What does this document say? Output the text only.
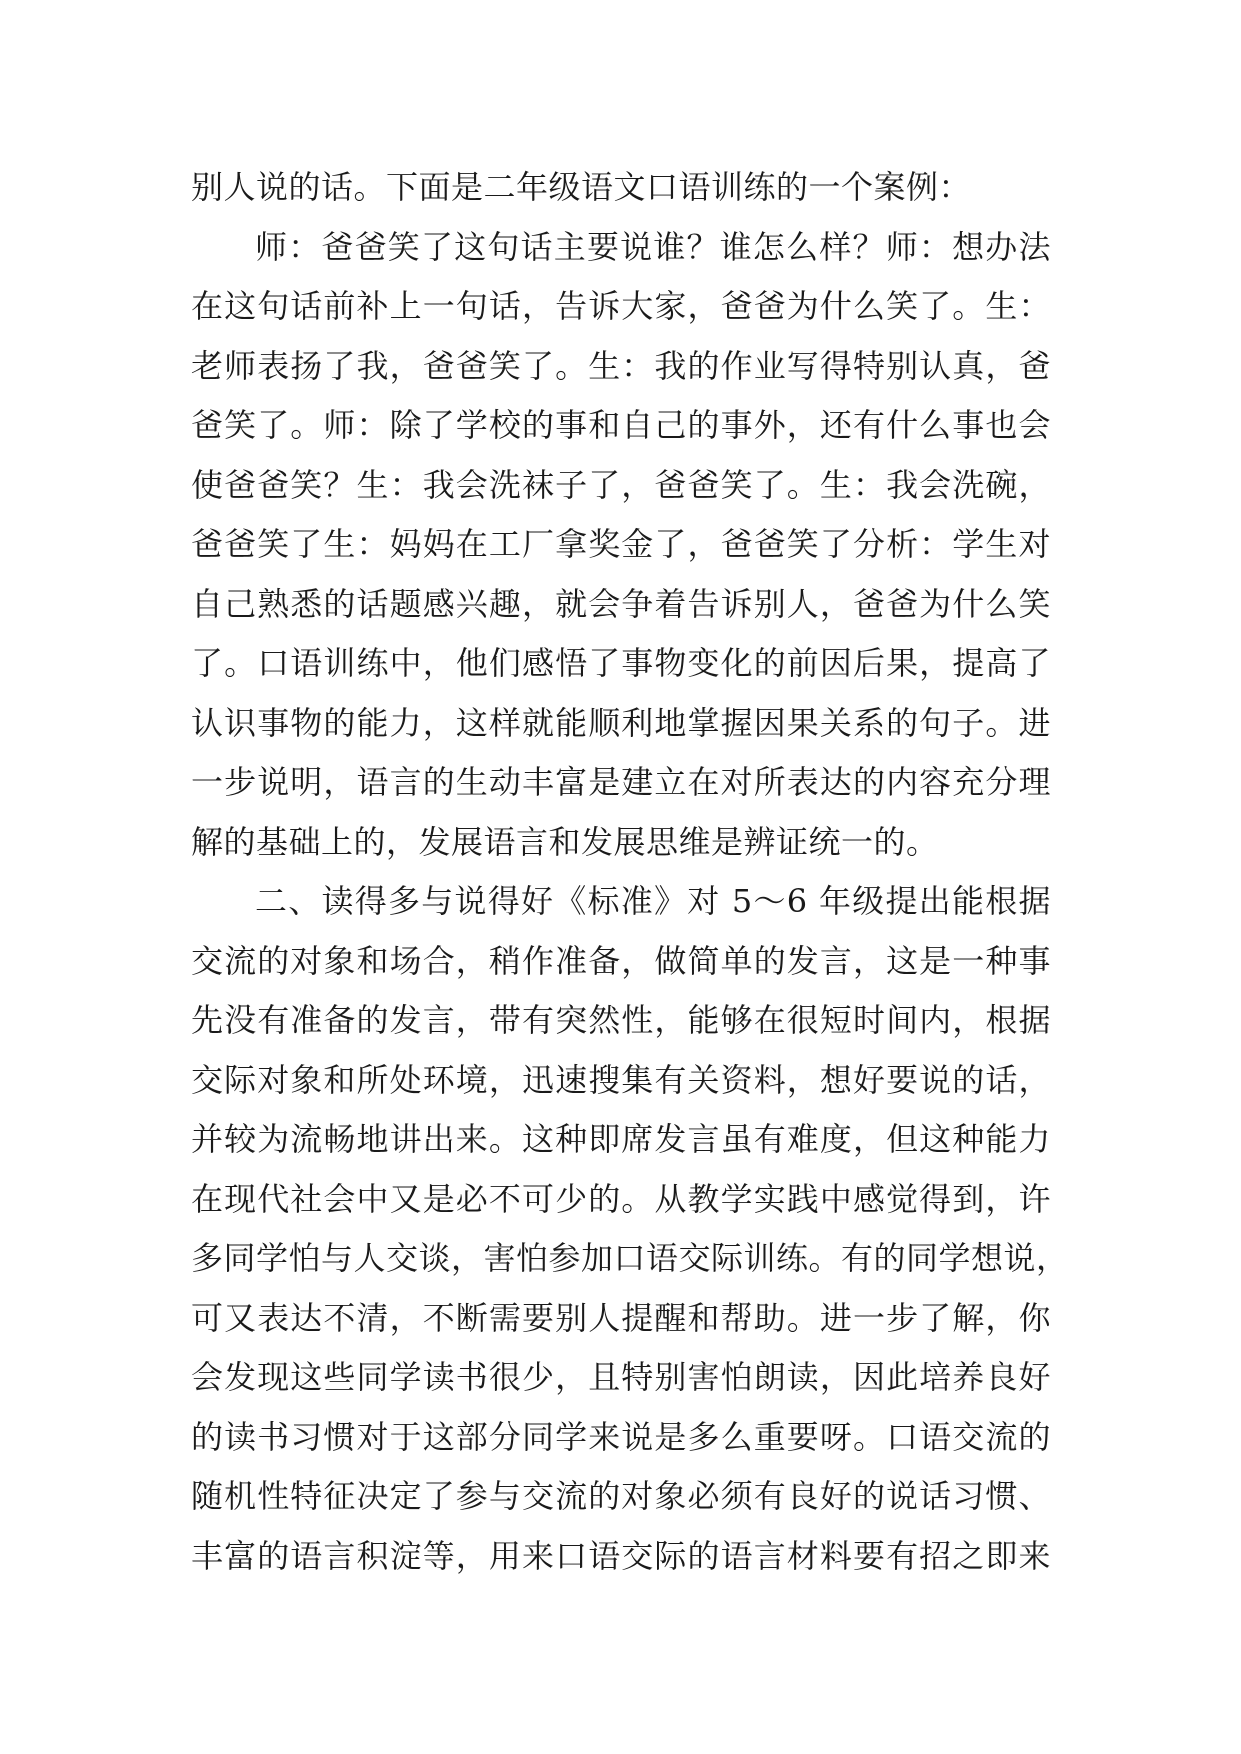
别人说的话。下面是二年级语文口语训练的一个案例：
师：爸爸笑了这句话主要说谁？谁怎么样？师：想办法
在这句话前补上一句话，告诉大家，爸爸为什么笑了。生：
老师表扬了我，爸爸笑了。生：我的作业写得特别认真，爸
爸笑了。师：除了学校的事和自己的事外，还有什么事也会
使爸爸笑？生：我会洗袜子了，爸爸笑了。生：我会洗碗，
爸爸笑了生：妈妈在工厂拿奖金了，爸爸笑了分析：学生对
自己熟悉的话题感兴趣，就会争着告诉别人，爸爸为什么笑
了。口语训练中，他们感悟了事物变化的前因后果，提高了
认识事物的能力，这样就能顺利地掌握因果关系的句子。进
一步说明，语言的生动丰富是建立在对所表达的内容充分理
解的基础上的，发展语言和发展思维是辨证统一的。
二、读得多与说得好《标准》对 5～6 年级提出能根据
交流的对象和场合，稍作准备，做简单的发言，这是一种事
先没有准备的发言，带有突然性，能够在很短时间内，根据
交际对象和所处环境，迅速搜集有关资料，想好要说的话，
并较为流畅地讲出来。这种即席发言虽有难度，但这种能力
在现代社会中又是必不可少的。从教学实践中感觉得到，许
多同学怕与人交谈，害怕参加口语交际训练。有的同学想说，
可又表达不清，不断需要别人提醒和帮助。进一步了解，你
会发现这些同学读书很少，且特别害怕朗读，因此培养良好
的读书习惯对于这部分同学来说是多么重要呀。口语交流的
随机性特征决定了参与交流的对象必须有良好的说话习惯、
丰富的语言积淀等，用来口语交际的语言材料要有招之即来
